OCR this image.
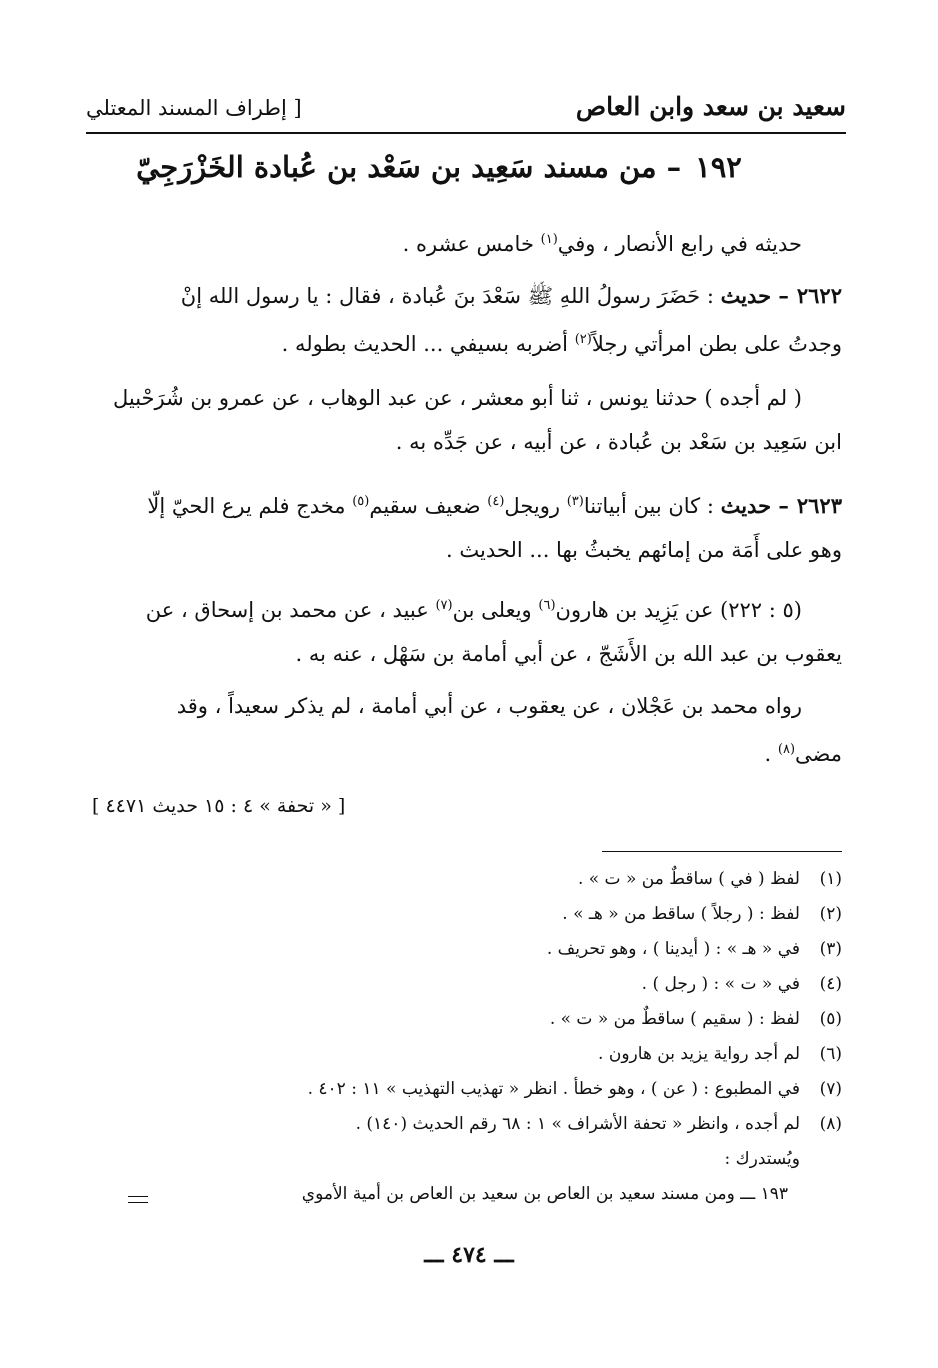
سعيد بن سعد وابن العاص
[ إطراف المسند المعتلي
١٩٢– من مسند سَعِيد بن سَعْد بن عُبادة الخَزْرَجِيّ
حديثه في رابع الأنصار ، وفي$^{(١)}$ خامس عشره .
٢٦٢٢– حديث : حَضَرَ رسولُ اللهِ ﷺ سَعْدَ بنَ عُبادة ، فقال : يا رسول الله إنْ
وجدتُ على بطن امرأتي رجلاً$^{(٢)}$ أضربه بسيفي ... الحديث بطوله .
( لم أجده ) حدثنا يونس ، ثنا أبو معشر ، عن عبد الوهاب ، عن عمرو بن شُرَحْبيل
ابن سَعِيد بن سَعْد بن عُبادة ، عن أبيه ، عن جَدِّه به .
٢٦٢٣– حديث : كان بين أبياتنا$^{(٣)}$ رويجل$^{(٤)}$ ضعيف سقيم$^{(٥)}$ مخدج فلم يرع الحيّ إلّا
وهو على أَمَة من إمائهم يخبثُ بها ... الحديث .
(٥ : ٢٢٢) عن يَزِيد بن هارون$^{(٦)}$ ويعلى بن$^{(٧)}$ عبيد ، عن محمد بن إسحاق ، عن
يعقوب بن عبد الله بن الأَشَجّ ، عن أبي أمامة بن سَهْل ، عنه به .
رواه محمد بن عَجْلان ، عن يعقوب ، عن أبي أمامة ، لم يذكر سعيداً ، وقد
مضى$^{(٨)}$ .
[ « تحفة » ٤ : ١٥ حديث ٤٤٧١ ]
(١)لفظ ( في ) ساقطٌ من « ت » .
(٢)لفظ : ( رجلاً ) ساقط من « هـ » .
(٣)في « هـ » : ( أيدينا ) ، وهو تحريف .
(٤)في « ت » : ( رجل ) .
(٥)لفظ : ( سقيم ) ساقطٌ من « ت » .
(٦)لم أجد رواية يزيد بن هارون .
(٧)في المطبوع : ( عن ) ، وهو خطأ . انظر « تهذيب التهذيب » ١١ : ٤٠٢ .
(٨)لم أجده ، وانظر « تحفة الأشراف » ١ : ٦٨ رقم الحديث (١٤٠) .
ويُستدرك :
١٩٣ ـــ ومن مسند سعيد بن العاص بن سعيد بن العاص بن أمية الأموي
ـــ ٤٧٤ ـــ
